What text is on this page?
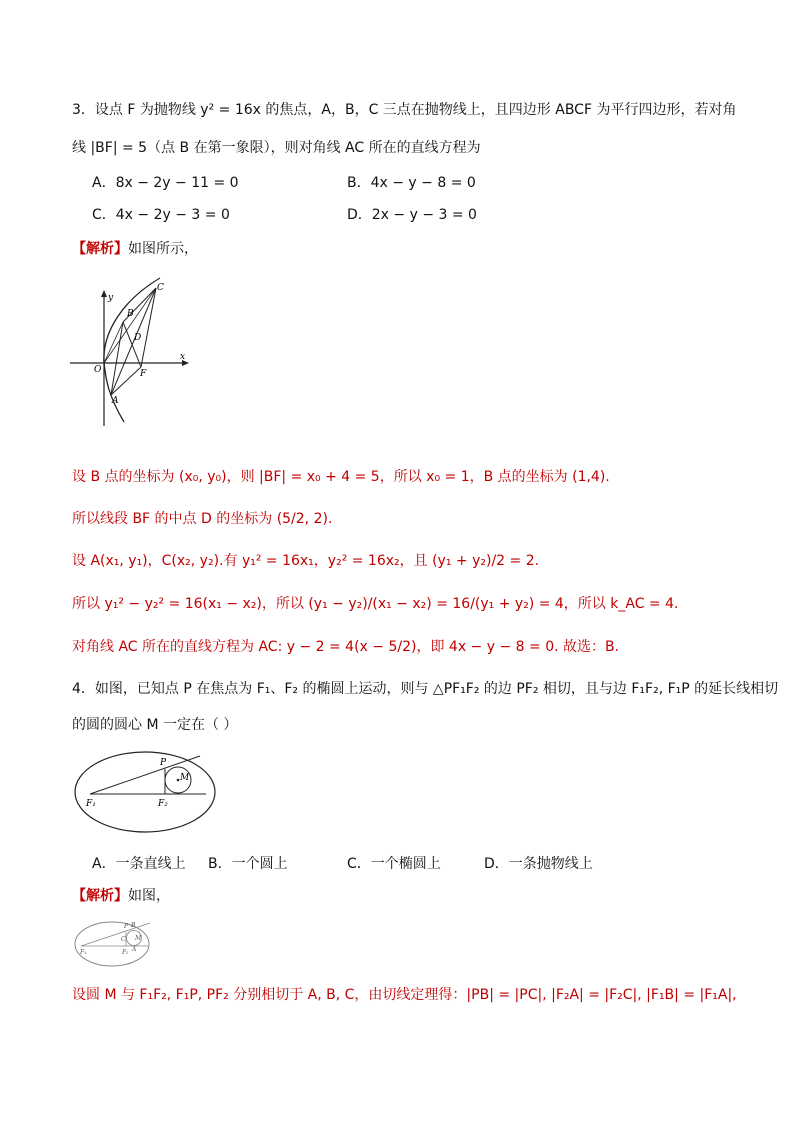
3．设点 F 为抛物线 y² = 16x 的焦点，A，B，C 三点在抛物线上，且四边形 ABCF 为平行四边形，若对角
线 |BF| = 5（点 B 在第一象限），则对角线 AC 所在的直线方程为
A．8x − 2y − 11 = 0	B．4x − y − 8 = 0
C．4x − 2y − 3 = 0	D．2x − y − 3 = 0
【解析】如图所示，
y
x
O
A
B
C
D
F
设 B 点的坐标为 (x₀, y₀)，则 |BF| = x₀ + 4 = 5，所以 x₀ = 1，B 点的坐标为 (1,4).
所以线段 BF 的中点 D 的坐标为 (5/2, 2).
设 A(x₁, y₁)，C(x₂, y₂).有 y₁² = 16x₁，y₂² = 16x₂，且 (y₁ + y₂)/2 = 2.
所以 y₁² − y₂² = 16(x₁ − x₂)，所以 (y₁ − y₂)/(x₁ − x₂) = 16/(y₁ + y₂) = 4，所以 k_AC = 4.
对角线 AC 所在的直线方程为 AC: y − 2 = 4(x − 5/2)，即 4x − y − 8 = 0. 故选：B.
4．如图，已知点 P 在焦点为 F₁、F₂ 的椭圆上运动，则与 △PF₁F₂ 的边 PF₂ 相切，且与边 F₁F₂, F₁P 的延长线相切
的圆的圆心 M 一定在（ ）
P
M
F₁	F₂
A．一条直线上 B．一个圆上	C．一个椭圆上	D．一条抛物线上
【解析】如图，
P B
C M
F₁	F₂ A
设圆 M 与 F₁F₂, F₁P, PF₂ 分别相切于 A, B, C，由切线定理得：|PB| = |PC|, |F₂A| = |F₂C|, |F₁B| = |F₁A|,
